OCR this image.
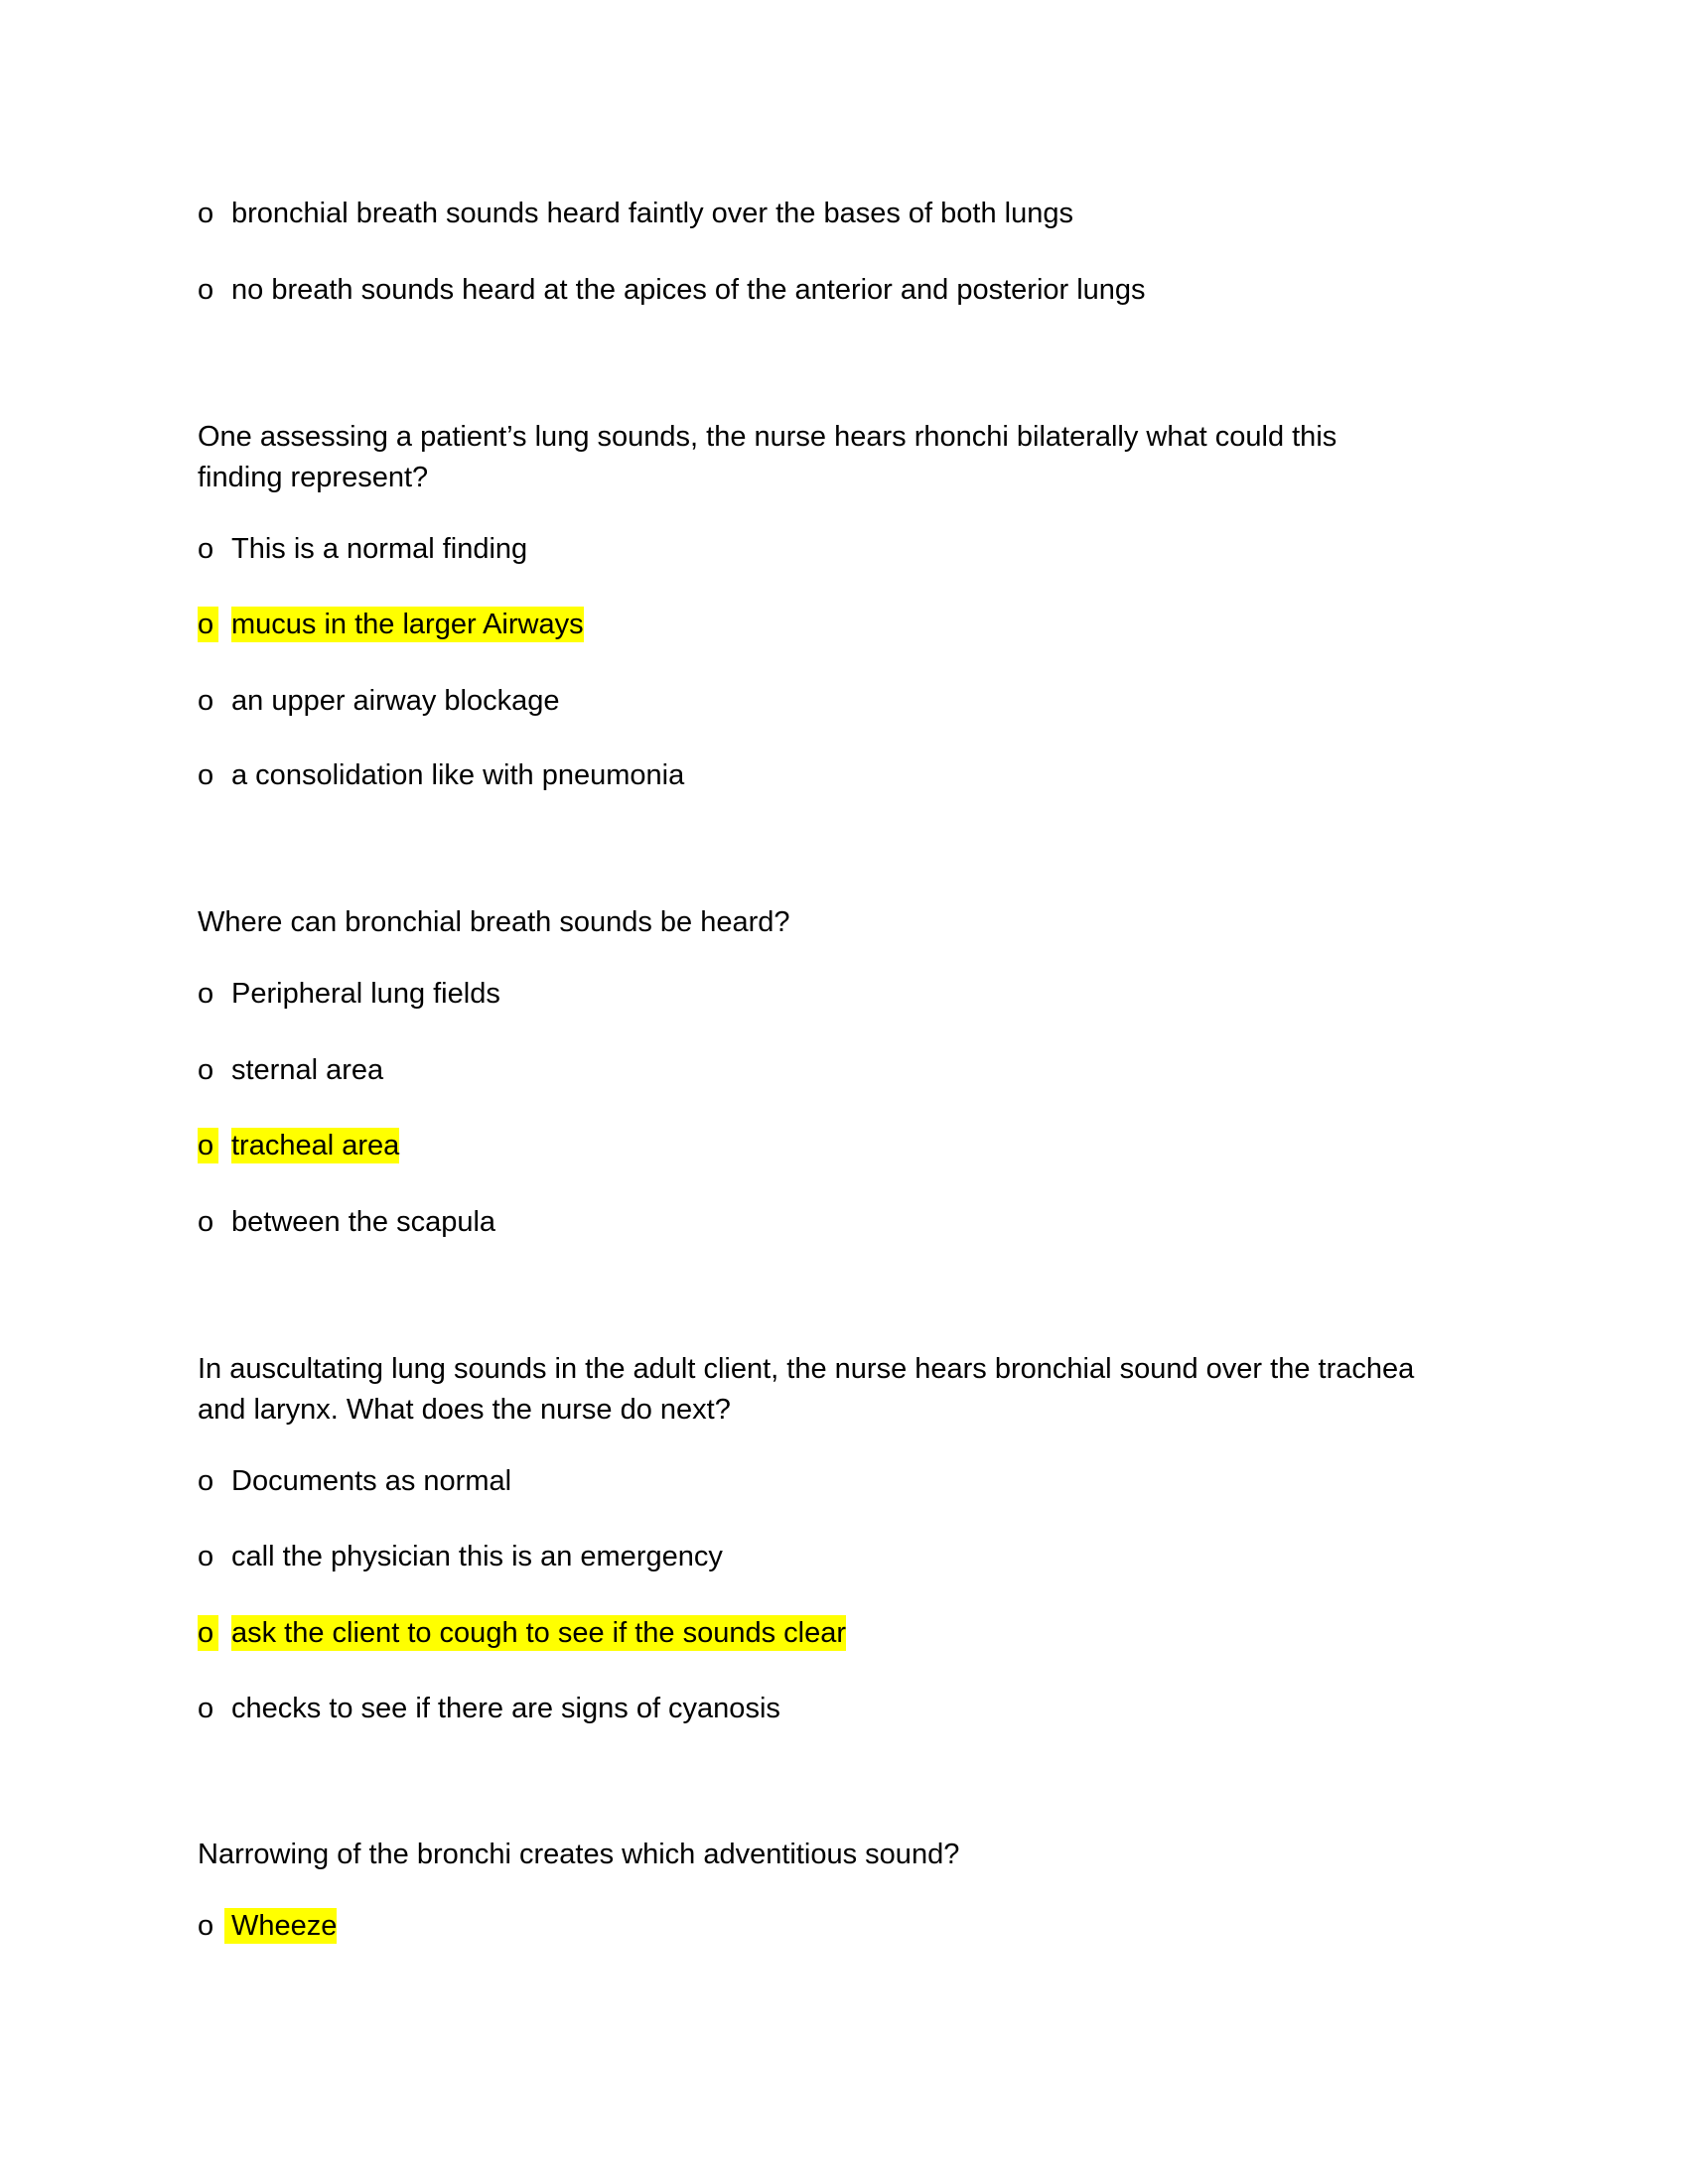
o bronchial breath sounds heard faintly over the bases of both lungs
o no breath sounds heard at the apices of the anterior and posterior lungs
One assessing a patient’s lung sounds, the nurse hears rhonchi bilaterally what could this
finding represent?
o This is a normal finding
o mucus in the larger Airways
o an upper airway blockage
o a consolidation like with pneumonia
Where can bronchial breath sounds be heard?
o Peripheral lung fields
o sternal area
o tracheal area
o between the scapula
In auscultating lung sounds in the adult client, the nurse hears bronchial sound over the trachea
and larynx. What does the nurse do next?
o Documents as normal
o call the physician this is an emergency
o ask the client to cough to see if the sounds clear
o checks to see if there are signs of cyanosis
Narrowing of the bronchi creates which adventitious sound?
o Wheeze
